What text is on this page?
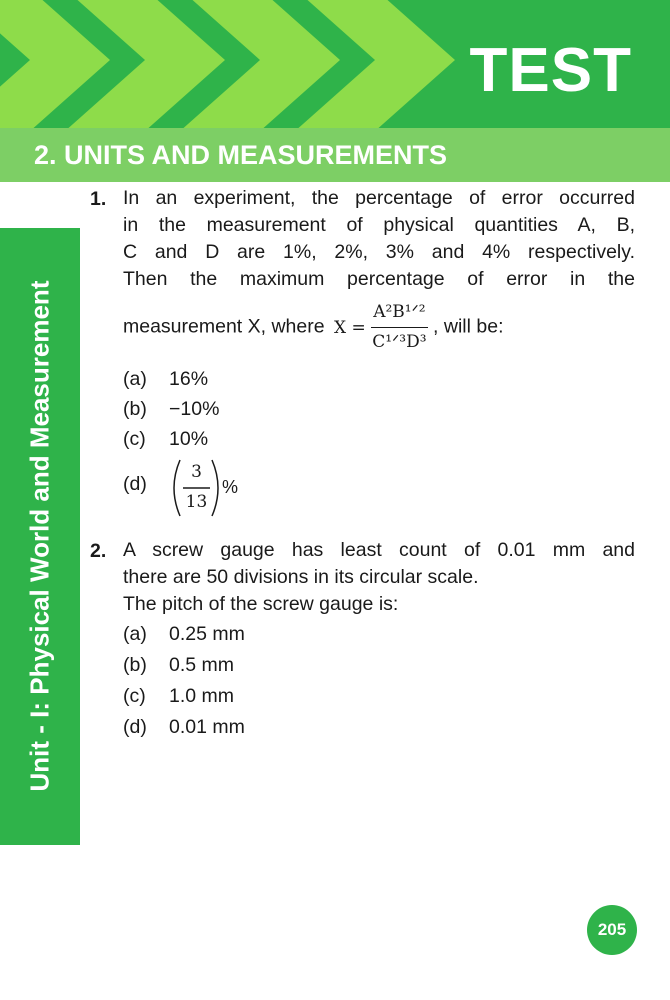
TEST
2. UNITS AND MEASUREMENTS
Unit - I: Physical World and Measurement
1. In an experiment, the percentage of error occurred
in the measurement of physical quantities A, B,
C and D are 1%, 2%, 3% and 4% respectively.
Then the maximum percentage of error in the
measurement X, where $X = \frac{\text{A²B¹ᐟ²}}{\text{C¹ᐟ³D³}}$ , will be:
(a) 16%
(b) −10%
(c) 10%
(d)
3
13
%
2. A screw gauge has least count of 0.01 mm and
there are 50 divisions in its circular scale.
The pitch of the screw gauge is:
(a) 0.25 mm
(b) 0.5 mm
(c) 1.0 mm
(d) 0.01 mm
205
